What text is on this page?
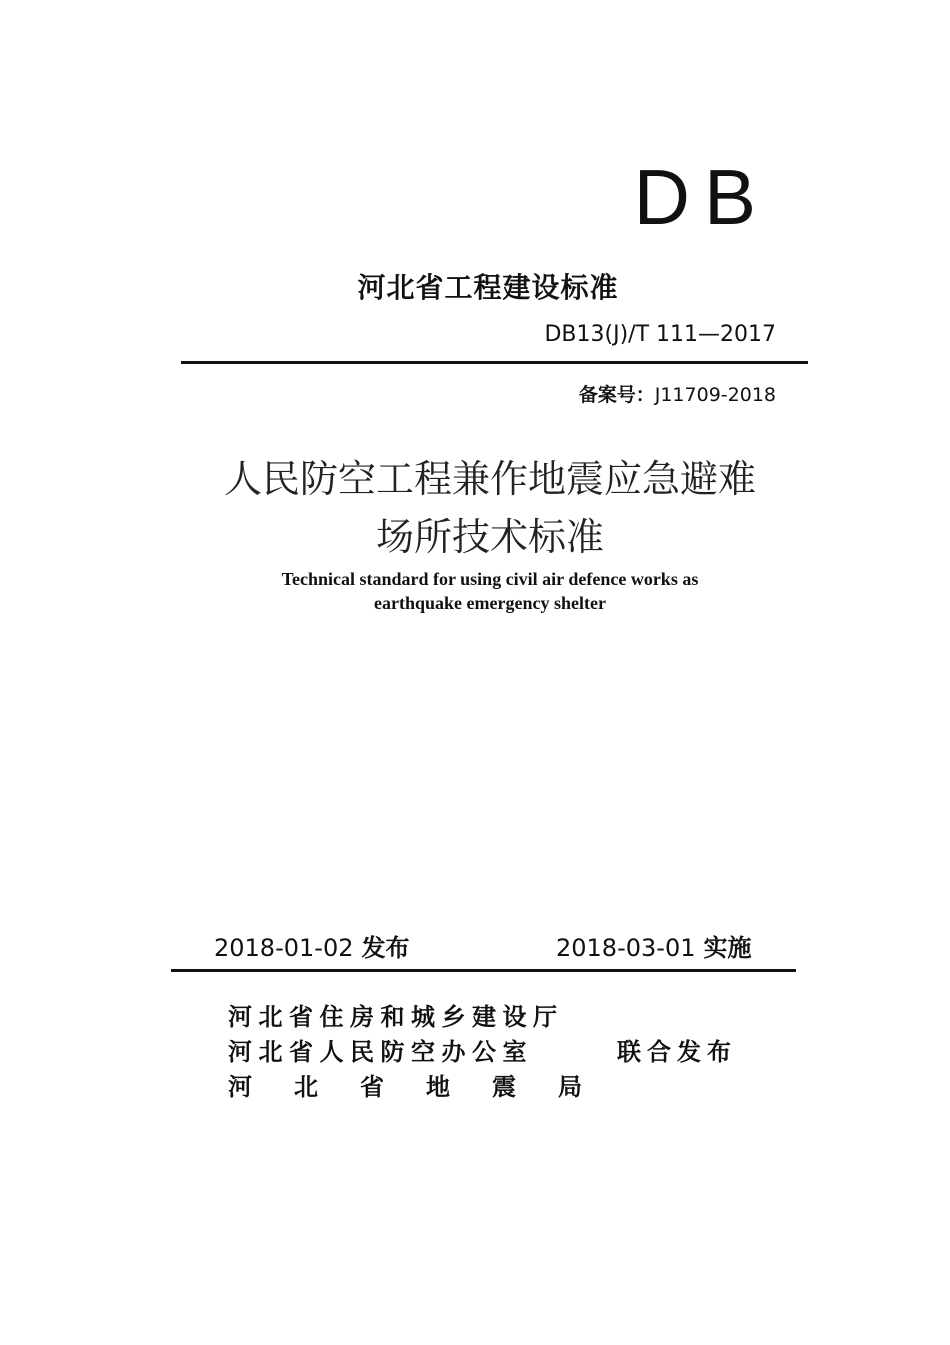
DB
河北省工程建设标准
DB13(J)/T 111—2017
备案号：J11709-2018
人民防空工程兼作地震应急避难
场所技术标准
Technical standard for using civil air defence works as
earthquake emergency shelter
2018-01-02 发布	2018-03-01 实施
河北省住房和城乡建设厅
河北省人民防空办公室
河北省地震局
联合发布
